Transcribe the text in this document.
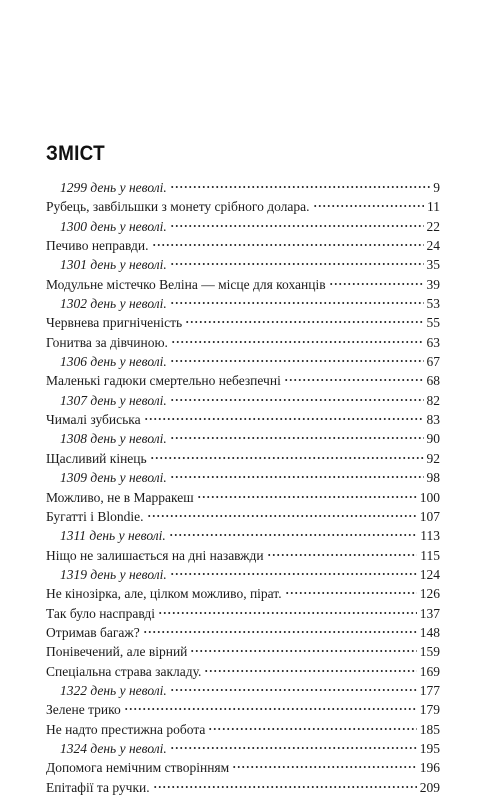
ЗМІСТ
1299 день у неволі.	9
Рубець, завбільшки з монету срібного долара.	11
1300 день у неволі.	22
Печиво неправди.	24
1301 день у неволі.	35
Модульне містечко Веліна — місце для коханців	39
1302 день у неволі.	53
Червнева пригніченість	55
Гонитва за дівчиною.	63
1306 день у неволі.	67
Маленькі гадюки смертельно небезпечні	68
1307 день у неволі.	82
Чималі зубиська	83
1308 день у неволі.	90
Щасливий кінець	92
1309 день у неволі.	98
Можливо, не в Марракеш	100
Бугатті і Blondie.	107
1311 день у неволі.	113
Ніщо не залишається на дні назавжди	115
1319 день у неволі.	124
Не кінозірка, але, цілком можливо, пірат.	126
Так було насправді	137
Отримав багаж?	148
Понівечений, але вірний	159
Спеціальна страва закладу.	169
1322 день у неволі.	177
Зелене трико	179
Не надто престижна робота	185
1324 день у неволі.	195
Допомога немічним створінням	196
Епітафії та ручки.	209
